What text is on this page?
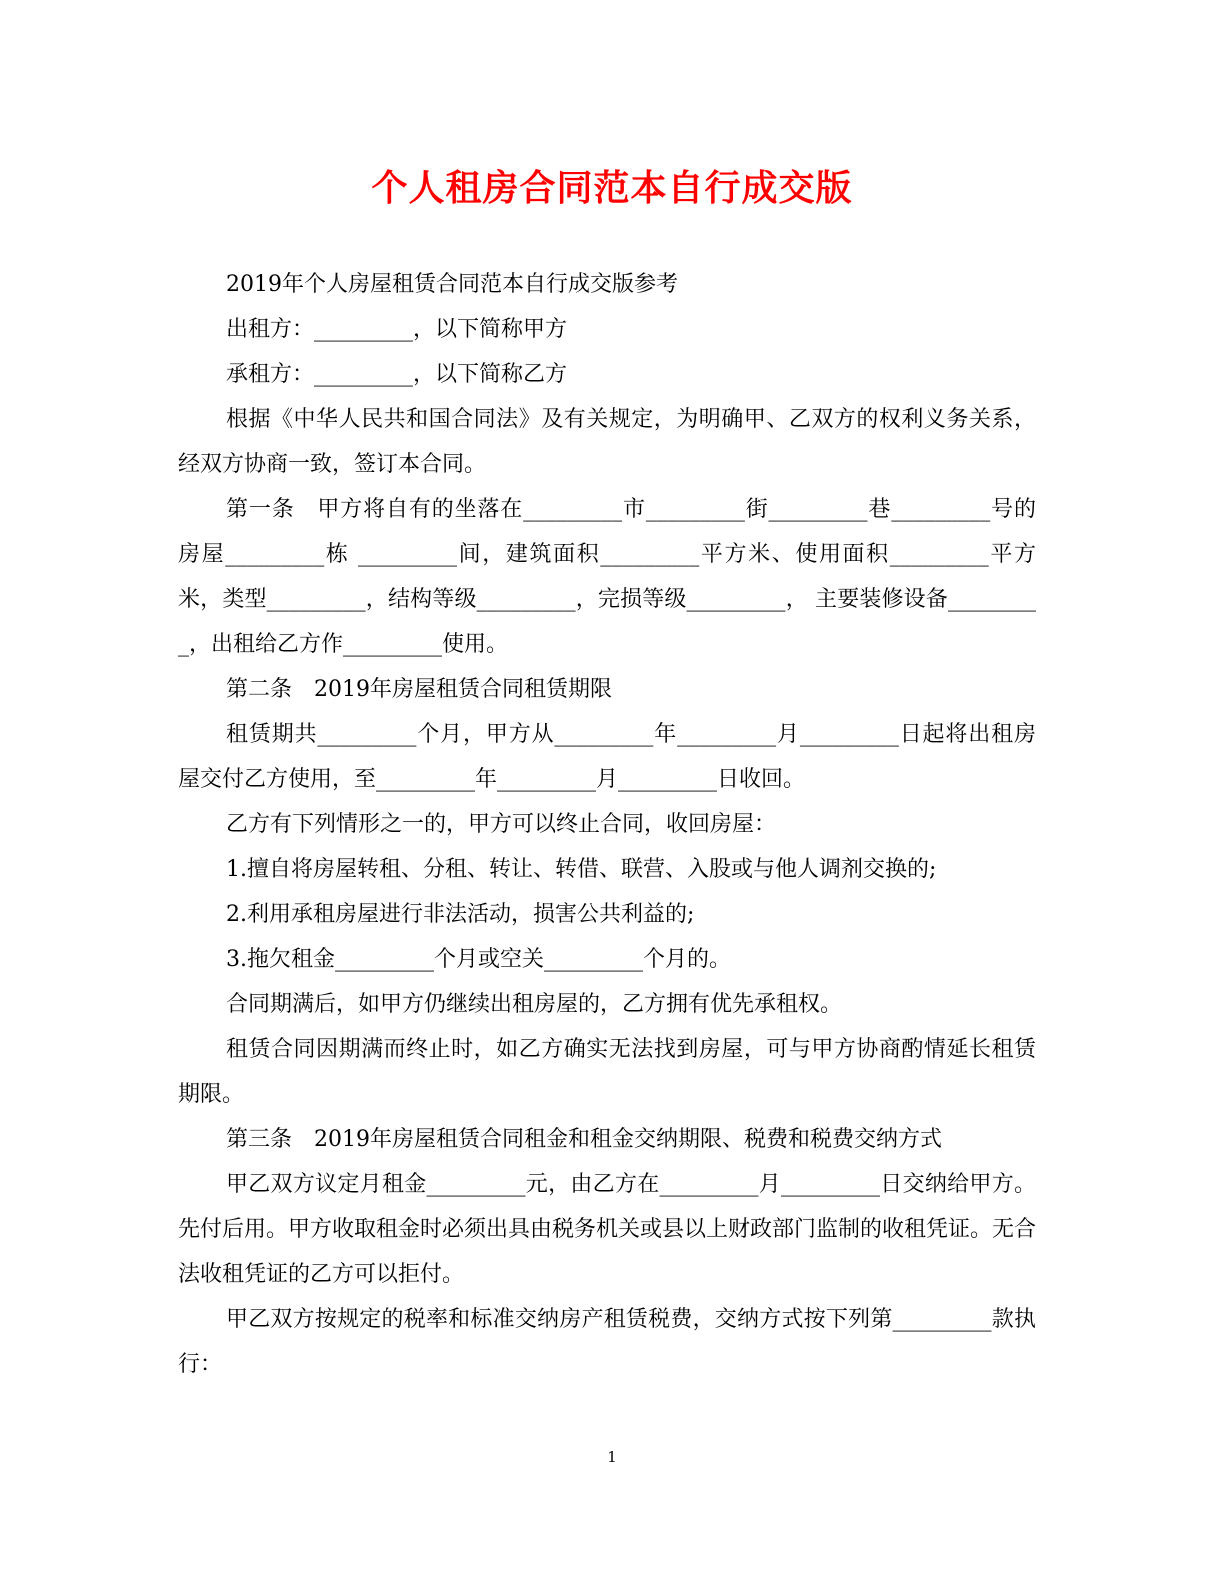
个人租房合同范本自行成交版

2019年个人房屋租赁合同范本自行成交版参考

出租方：_________，以下简称甲方

承租方：_________，以下简称乙方

根据《中华人民共和国合同法》及有关规定，为明确甲、乙双方的权利义务关系，经双方协商一致，签订本合同。

第一条　甲方将自有的坐落在_________市_________街_________巷_________号的房屋_________栋 _________间，建筑面积_________平方米、使用面积_________平方米，类型_________，结构等级_________，完损等级_________， 主要装修设备_________，出租给乙方作_________使用。

第二条　2019年房屋租赁合同租赁期限

租赁期共_________个月，甲方从_________年_________月_________日起将出租房屋交付乙方使用，至_________年_________月_________日收回。

乙方有下列情形之一的，甲方可以终止合同，收回房屋：

1.擅自将房屋转租、分租、转让、转借、联营、入股或与他人调剂交换的;

2.利用承租房屋进行非法活动，损害公共利益的;

3.拖欠租金_________个月或空关_________个月的。

合同期满后，如甲方仍继续出租房屋的，乙方拥有优先承租权。

租赁合同因期满而终止时，如乙方确实无法找到房屋，可与甲方协商酌情延长租赁期限。

第三条　2019年房屋租赁合同租金和租金交纳期限、税费和税费交纳方式

甲乙双方议定月租金_________元，由乙方在_________月_________日交纳给甲方。先付后用。甲方收取租金时必须出具由税务机关或县以上财政部门监制的收租凭证。无合法收租凭证的乙方可以拒付。

甲乙双方按规定的税率和标准交纳房产租赁税费，交纳方式按下列第_________款执行：

1
